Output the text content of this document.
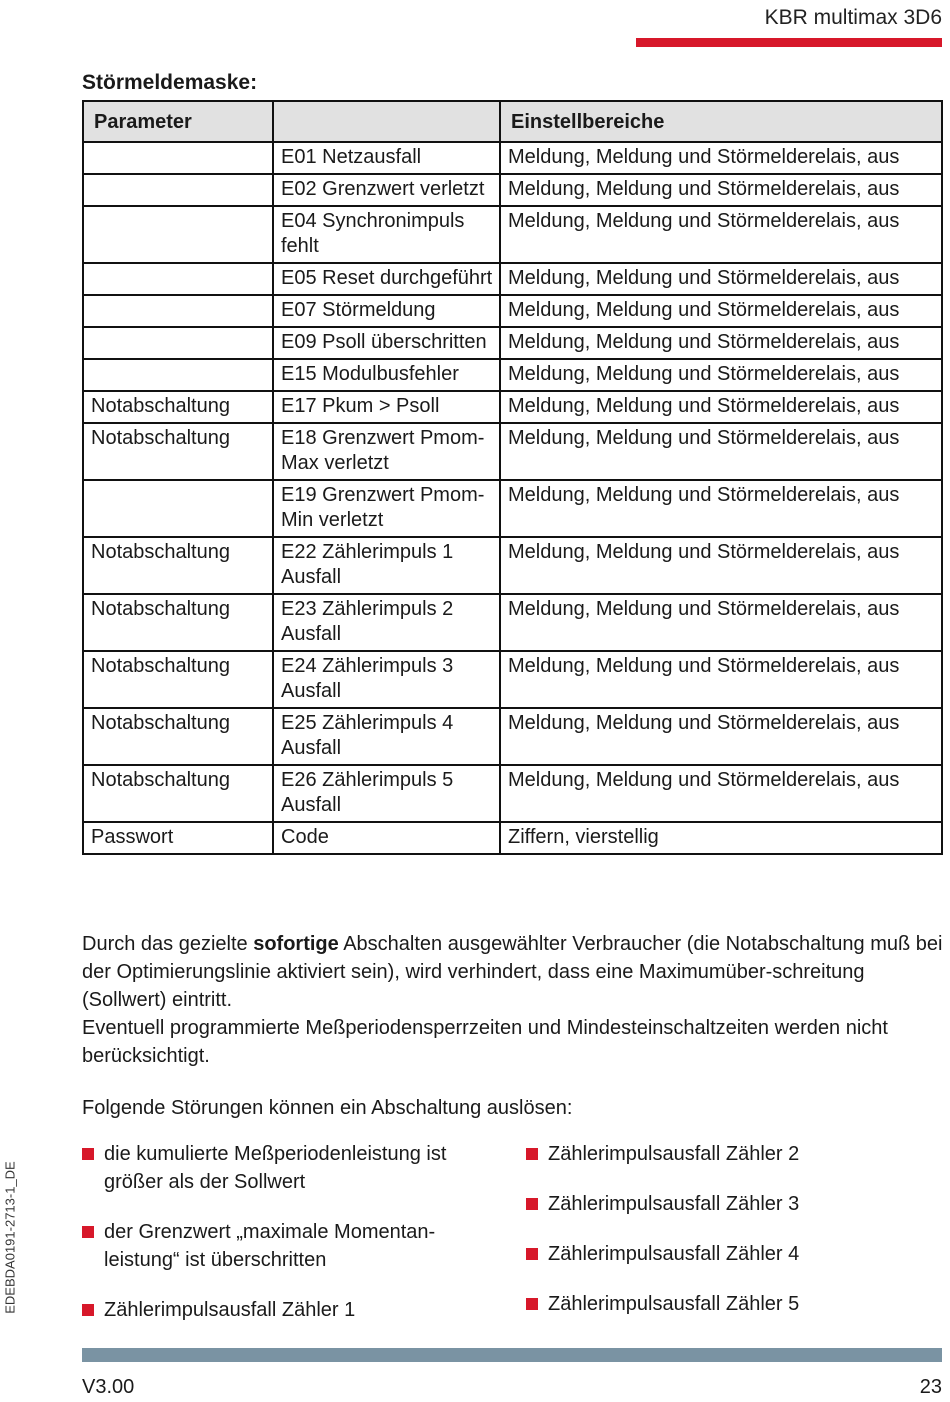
KBR multimax 3D6
Störmeldemaske:
Parameter		Einstellbereiche
	E01 Netzausfall	Meldung, Meldung und Störmelderelais, aus
	E02 Grenzwert verletzt	Meldung, Meldung und Störmelderelais, aus
	E04 Synchronimpuls fehlt	Meldung, Meldung und Störmelderelais, aus
	E05 Reset durchgeführt	Meldung, Meldung und Störmelderelais, aus
	E07 Störmeldung	Meldung, Meldung und Störmelderelais, aus
	E09 Psoll überschritten	Meldung, Meldung und Störmelderelais, aus
	E15 Modulbusfehler	Meldung, Meldung und Störmelderelais, aus
Notabschaltung	E17 Pkum > Psoll	Meldung, Meldung und Störmelderelais, aus
Notabschaltung	E18 Grenzwert Pmom-Max verletzt	Meldung, Meldung und Störmelderelais, aus
	E19 Grenzwert Pmom-Min verletzt	Meldung, Meldung und Störmelderelais, aus
Notabschaltung	E22 Zählerimpuls 1 Ausfall	Meldung, Meldung und Störmelderelais, aus
Notabschaltung	E23 Zählerimpuls 2 Ausfall	Meldung, Meldung und Störmelderelais, aus
Notabschaltung	E24 Zählerimpuls 3 Ausfall	Meldung, Meldung und Störmelderelais, aus
Notabschaltung	E25 Zählerimpuls 4 Ausfall	Meldung, Meldung und Störmelderelais, aus
Notabschaltung	E26 Zählerimpuls 5 Ausfall	Meldung, Meldung und Störmelderelais, aus
Passwort	Code	Ziffern, vierstellig
Durch das gezielte sofortige Abschalten ausgewählter Verbraucher (die Notabschaltung muß bei der Optimierungslinie aktiviert sein), wird verhindert, dass eine Maximumüber-schreitung (Sollwert) eintritt.
Eventuell programmierte Meßperiodensperrzeiten und Mindesteinschaltzeiten werden nicht berücksichtigt.
Folgende Störungen können ein Abschaltung auslösen:
die kumulierte Meßperiodenleistung ist größer als der Sollwert
der Grenzwert „maximale Momentan-leistung“ ist überschritten
Zählerimpulsausfall Zähler 1
Zählerimpulsausfall Zähler 2
Zählerimpulsausfall Zähler 3
Zählerimpulsausfall Zähler 4
Zählerimpulsausfall Zähler 5
EDEBDA0191-2713-1_DE
V3.00	23
